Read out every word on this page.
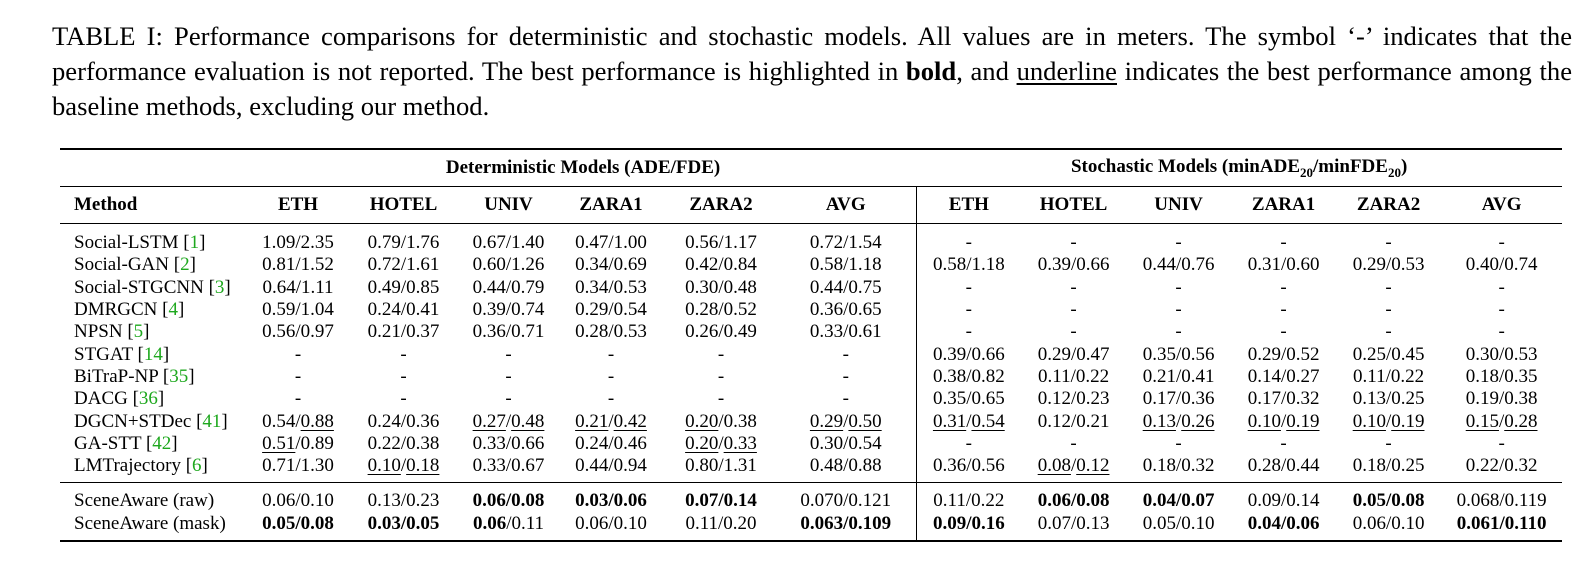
TABLE I: Performance comparisons for deterministic and stochastic models. All values are in meters. The symbol ‘-’ indicates that the performance evaluation is not reported. The best performance is highlighted in bold, and underline indicates the best performance among the baseline methods, excluding our method.
	Deterministic Models (ADE/FDE)						Stochastic Models (minADE$_{20}$/minFDE$_{20}$)					
Method	ETH	HOTEL	UNIV	ZARA1	ZARA2	AVG	ETH	HOTEL	UNIV	ZARA1	ZARA2	AVG
Social-LSTM [1]	1.09/2.35	0.79/1.76	0.67/1.40	0.47/1.00	0.56/1.17	0.72/1.54	-	-	-	-	-	-
Social-GAN [2]	0.81/1.52	0.72/1.61	0.60/1.26	0.34/0.69	0.42/0.84	0.58/1.18	0.58/1.18	0.39/0.66	0.44/0.76	0.31/0.60	0.29/0.53	0.40/0.74
Social-STGCNN [3]	0.64/1.11	0.49/0.85	0.44/0.79	0.34/0.53	0.30/0.48	0.44/0.75	-	-	-	-	-	-
DMRGCN [4]	0.59/1.04	0.24/0.41	0.39/0.74	0.29/0.54	0.28/0.52	0.36/0.65	-	-	-	-	-	-
NPSN [5]	0.56/0.97	0.21/0.37	0.36/0.71	0.28/0.53	0.26/0.49	0.33/0.61	-	-	-	-	-	-
STGAT [14]	-	-	-	-	-	-	0.39/0.66	0.29/0.47	0.35/0.56	0.29/0.52	0.25/0.45	0.30/0.53
BiTraP-NP [35]	-	-	-	-	-	-	0.38/0.82	0.11/0.22	0.21/0.41	0.14/0.27	0.11/0.22	0.18/0.35
DACG [36]	-	-	-	-	-	-	0.35/0.65	0.12/0.23	0.17/0.36	0.17/0.32	0.13/0.25	0.19/0.38
DGCN+STDec [41]	0.54/0.88	0.24/0.36	0.27/0.48	0.21/0.42	0.20/0.38	0.29/0.50	0.31/0.54	0.12/0.21	0.13/0.26	0.10/0.19	0.10/0.19	0.15/0.28
GA-STT [42]	0.51/0.89	0.22/0.38	0.33/0.66	0.24/0.46	0.20/0.33	0.30/0.54	-	-	-	-	-	-
LMTrajectory [6]	0.71/1.30	0.10/0.18	0.33/0.67	0.44/0.94	0.80/1.31	0.48/0.88	0.36/0.56	0.08/0.12	0.18/0.32	0.28/0.44	0.18/0.25	0.22/0.32
SceneAware (raw)	0.06/0.10	0.13/0.23	0.06/0.08	0.03/0.06	0.07/0.14	0.070/0.121	0.11/0.22	0.06/0.08	0.04/0.07	0.09/0.14	0.05/0.08	0.068/0.119
SceneAware (mask)	0.05/0.08	0.03/0.05	0.06/0.11	0.06/0.10	0.11/0.20	0.063/0.109	0.09/0.16	0.07/0.13	0.05/0.10	0.04/0.06	0.06/0.10	0.061/0.110
